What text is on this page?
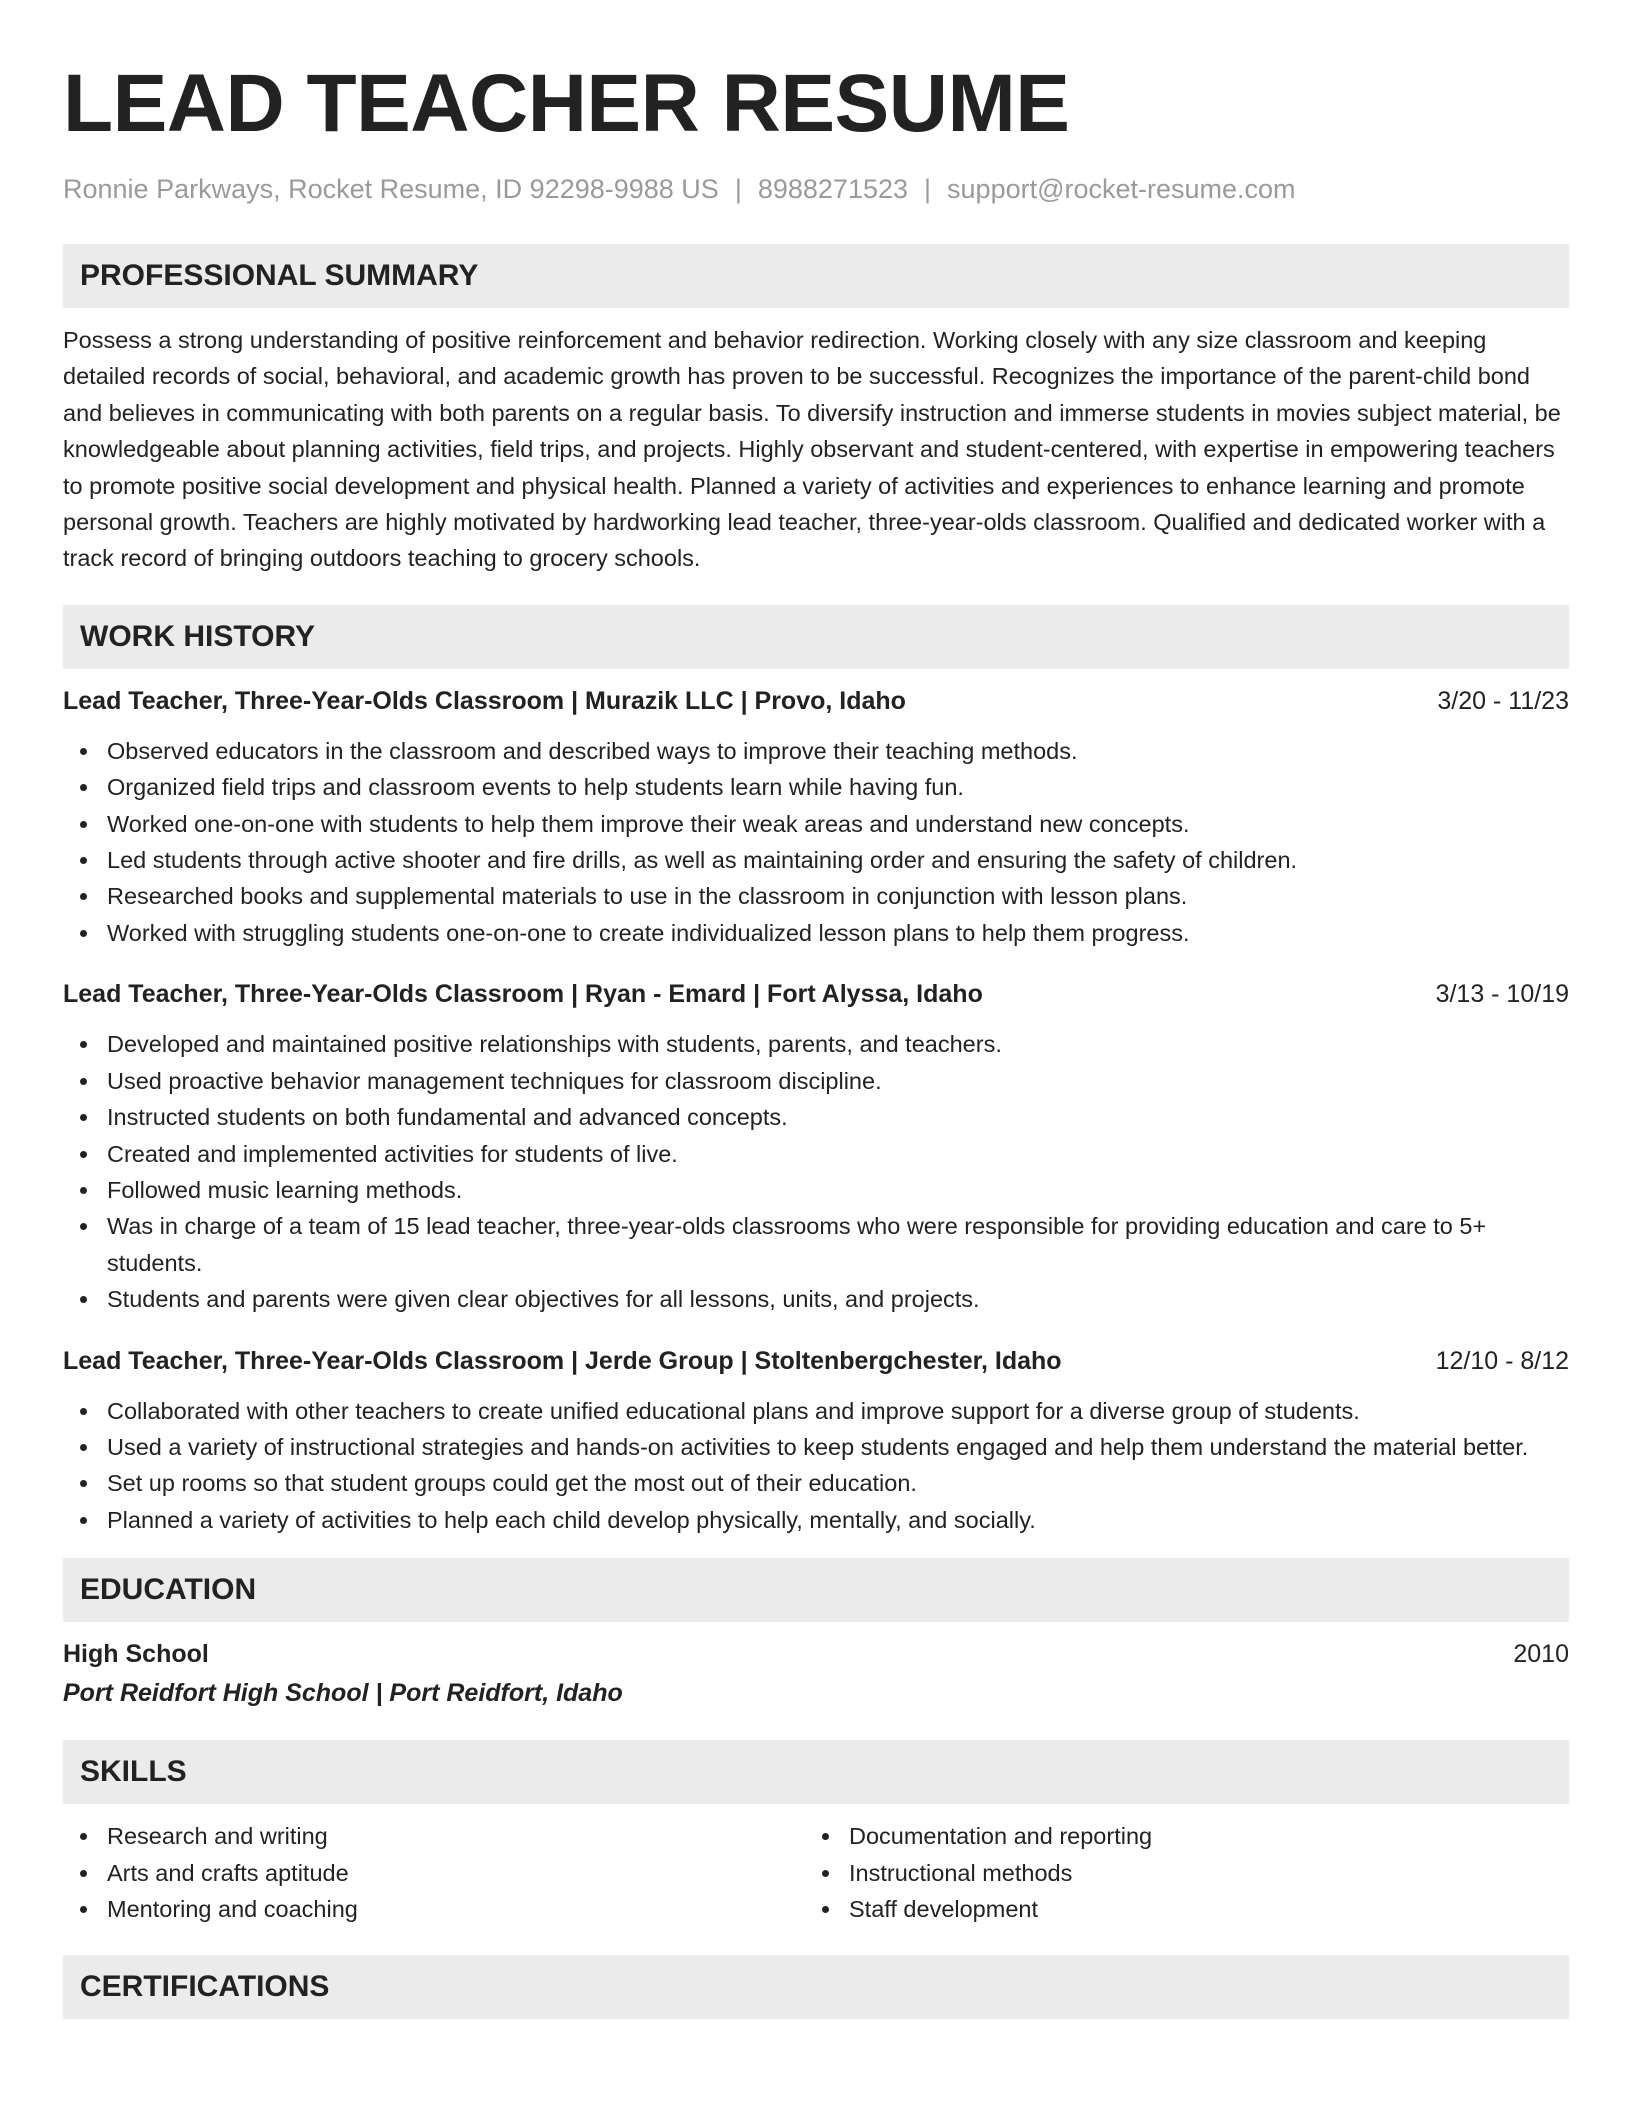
LEAD TEACHER RESUME
Ronnie Parkways, Rocket Resume, ID 92298-9988 US | 8988271523 | support@rocket-resume.com
PROFESSIONAL SUMMARY

Possess a strong understanding of positive reinforcement and behavior redirection. Working closely with any size classroom and keeping detailed records of social, behavioral, and academic growth has proven to be successful. Recognizes the importance of the parent-child bond and believes in communicating with both parents on a regular basis. To diversify instruction and immerse students in movies subject material, be knowledgeable about planning activities, field trips, and projects. Highly observant and student-centered, with expertise in empowering teachers to promote positive social development and physical health. Planned a variety of activities and experiences to enhance learning and promote personal growth. Teachers are highly motivated by hardworking lead teacher, three-year-olds classroom. Qualified and dedicated worker with a track record of bringing outdoors teaching to grocery schools.

WORK HISTORY
Lead Teacher, Three-Year-Olds Classroom | Murazik LLC | Provo, Idaho	3/20 - 11/23
Observed educators in the classroom and described ways to improve their teaching methods.
Organized field trips and classroom events to help students learn while having fun.
Worked one-on-one with students to help them improve their weak areas and understand new concepts.
Led students through active shooter and fire drills, as well as maintaining order and ensuring the safety of children.
Researched books and supplemental materials to use in the classroom in conjunction with lesson plans.
Worked with struggling students one-on-one to create individualized lesson plans to help them progress.
Lead Teacher, Three-Year-Olds Classroom | Ryan - Emard | Fort Alyssa, Idaho	3/13 - 10/19
Developed and maintained positive relationships with students, parents, and teachers.
Used proactive behavior management techniques for classroom discipline.
Instructed students on both fundamental and advanced concepts.
Created and implemented activities for students of live.
Followed music learning methods.
Was in charge of a team of 15 lead teacher, three-year-olds classrooms who were responsible for providing education and care to 5+ students.
Students and parents were given clear objectives for all lessons, units, and projects.
Lead Teacher, Three-Year-Olds Classroom | Jerde Group | Stoltenbergchester, Idaho	12/10 - 8/12
Collaborated with other teachers to create unified educational plans and improve support for a diverse group of students.
Used a variety of instructional strategies and hands-on activities to keep students engaged and help them understand the material better.
Set up rooms so that student groups could get the most out of their education.
Planned a variety of activities to help each child develop physically, mentally, and socially.
EDUCATION
High School	2010
Port Reidfort High School | Port Reidfort, Idaho
SKILLS
Research and writing
Arts and crafts aptitude
Mentoring and coaching
Documentation and reporting
Instructional methods
Staff development
CERTIFICATIONS
